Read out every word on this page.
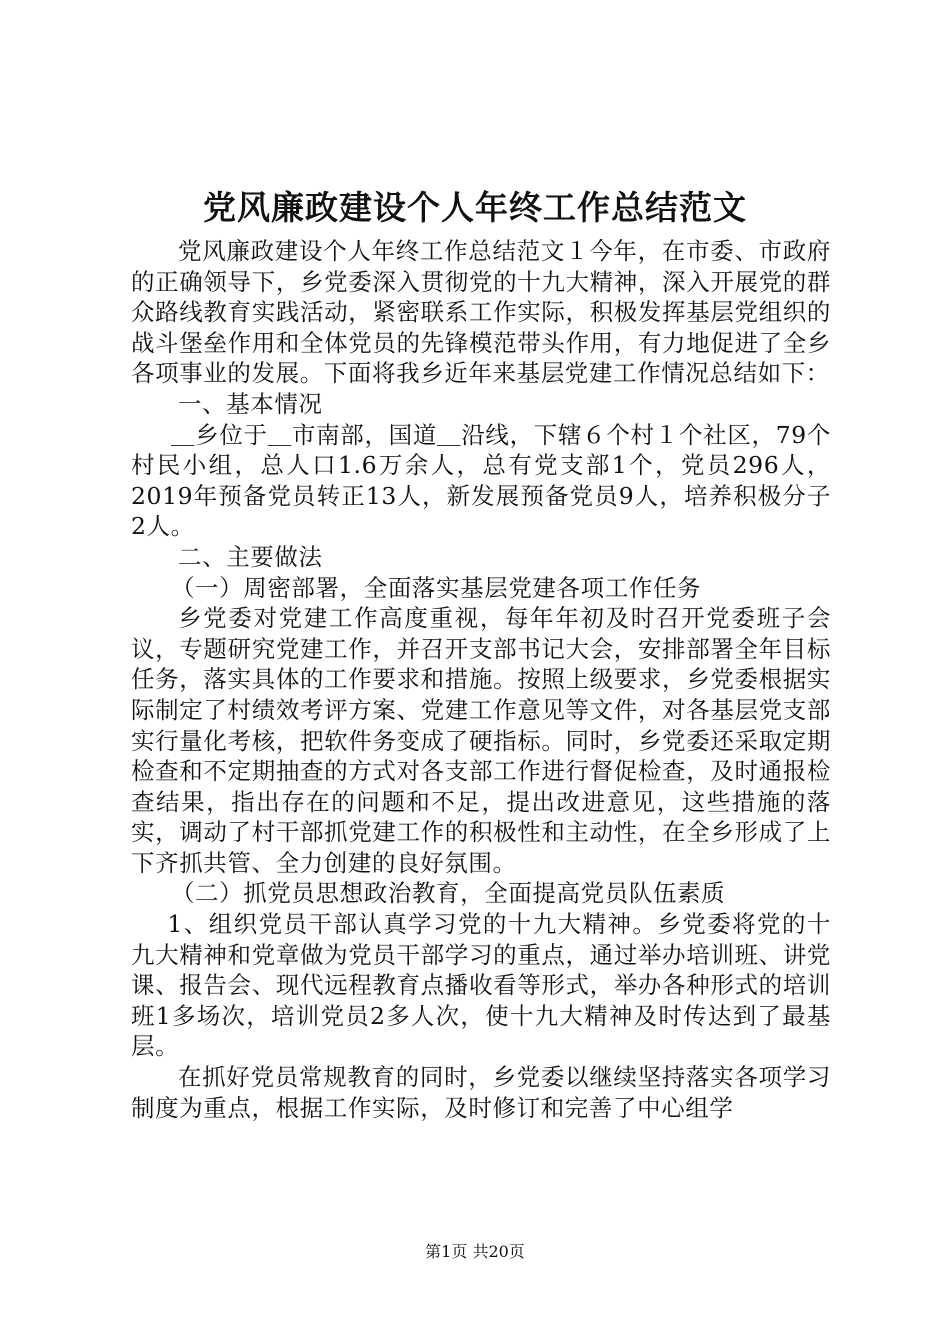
党风廉政建设个人年终工作总结范文

党风廉政建设个人年终工作总结范文１今年，在市委、市政府的正确领导下，乡党委深入贯彻党的十九大精神，深入开展党的群众路线教育实践活动，紧密联系工作实际，积极发挥基层党组织的战斗堡垒作用和全体党员的先锋模范带头作用，有力地促进了全乡各项事业的发展。下面将我乡近年来基层党建工作情况总结如下：

一、基本情况

＿乡位于＿市南部，国道＿沿线，下辖６个村１个社区，79个村民小组，总人口1.6万余人，总有党支部1个，党员296人，2019年预备党员转正13人，新发展预备党员9人，培养积极分子2人。

二、主要做法

（一）周密部署，全面落实基层党建各项工作任务

乡党委对党建工作高度重视，每年年初及时召开党委班子会议，专题研究党建工作，并召开支部书记大会，安排部署全年目标任务，落实具体的工作要求和措施。按照上级要求，乡党委根据实际制定了村绩效考评方案、党建工作意见等文件，对各基层党支部实行量化考核，把软件务变成了硬指标。同时，乡党委还采取定期检查和不定期抽查的方式对各支部工作进行督促检查，及时通报检查结果，指出存在的问题和不足，提出改进意见，这些措施的落实，调动了村干部抓党建工作的积极性和主动性，在全乡形成了上下齐抓共管、全力创建的良好氛围。

（二）抓党员思想政治教育，全面提高党员队伍素质

1、组织党员干部认真学习党的十九大精神。乡党委将党的十九大精神和党章做为党员干部学习的重点，通过举办培训班、讲党课、报告会、现代远程教育点播收看等形式，举办各种形式的培训班1多场次，培训党员2多人次，使十九大精神及时传达到了最基层。

在抓好党员常规教育的同时，乡党委以继续坚持落实各项学习制度为重点，根据工作实际，及时修订和完善了中心组学

第1页 共20页
